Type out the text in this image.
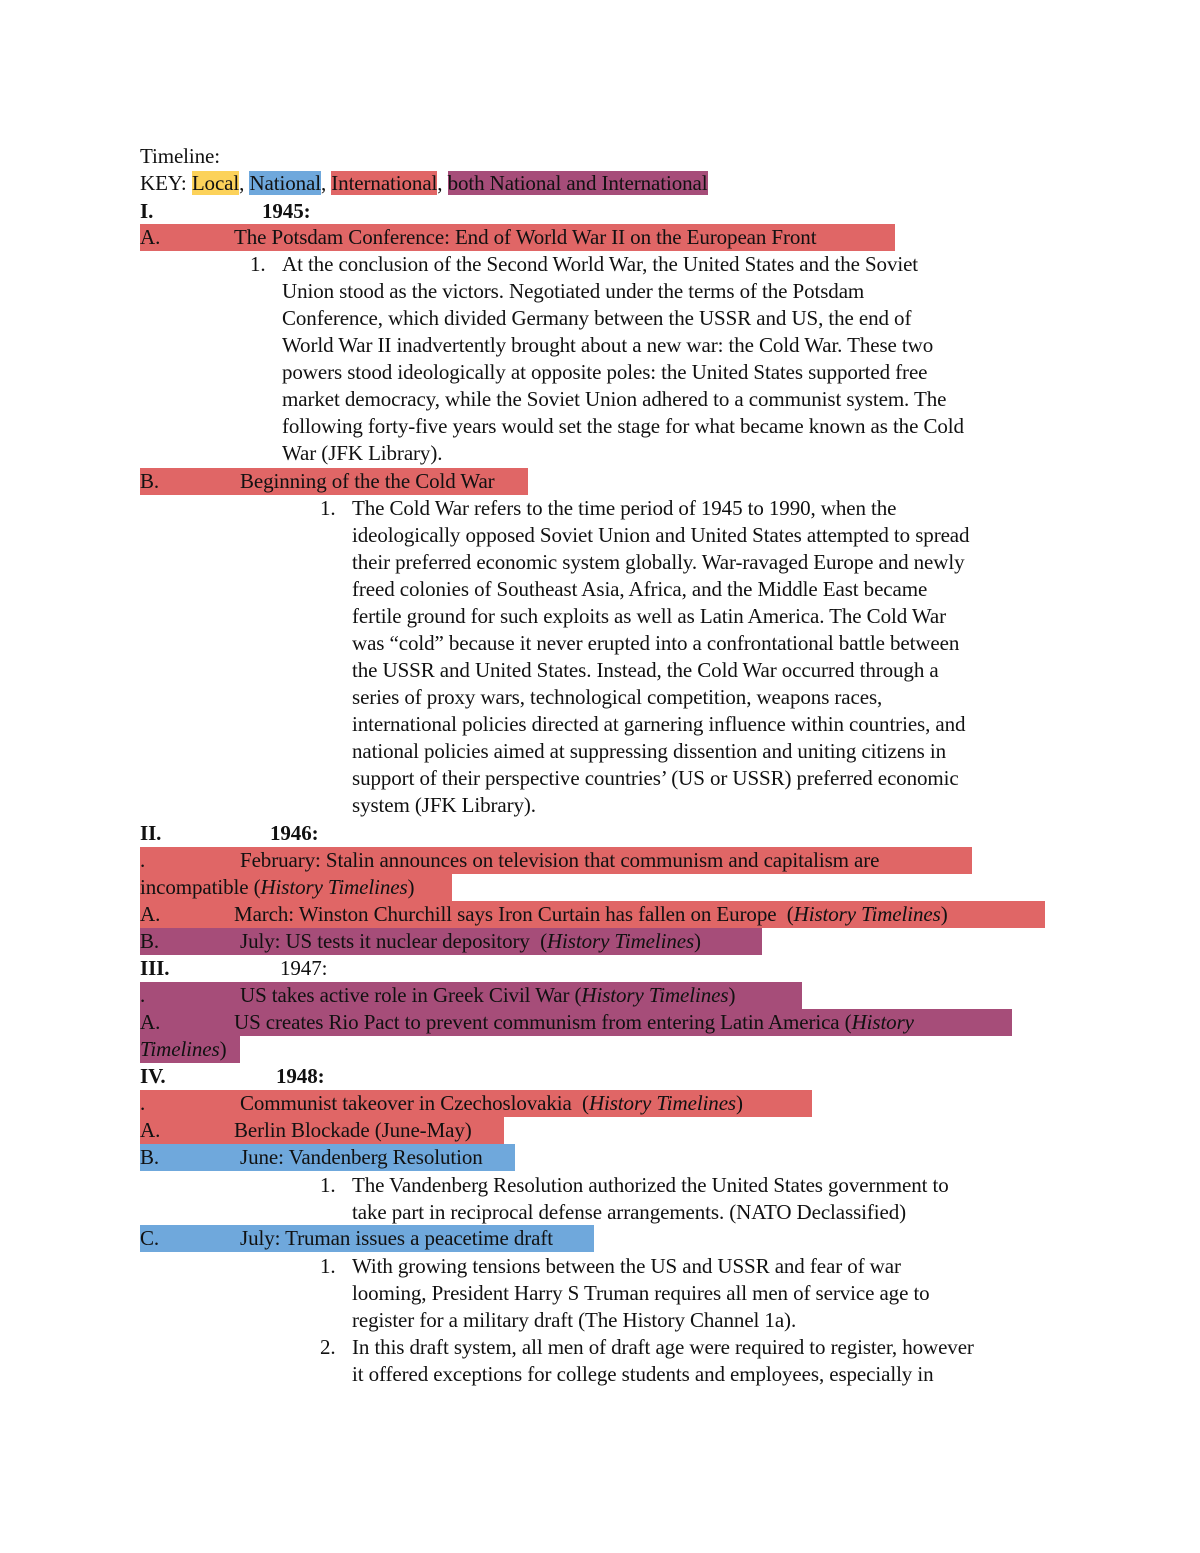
Timeline:
KEY: Local, National, International, both National and International
I.	1945:
A.	The Potsdam Conference: End of World War II on the European Front
1. At the conclusion of the Second World War, the United States and the Soviet
Union stood as the victors. Negotiated under the terms of the Potsdam
Conference, which divided Germany between the USSR and US, the end of
World War II inadvertently brought about a new war: the Cold War. These two
powers stood ideologically at opposite poles: the United States supported free
market democracy, while the Soviet Union adhered to a communist system. The
following forty-five years would set the stage for what became known as the Cold
War (JFK Library).
B.	Beginning of the the Cold War
1. The Cold War refers to the time period of 1945 to 1990, when the
ideologically opposed Soviet Union and United States attempted to spread
their preferred economic system globally. War-ravaged Europe and newly
freed colonies of Southeast Asia, Africa, and the Middle East became
fertile ground for such exploits as well as Latin America. The Cold War
was “cold” because it never erupted into a confrontational battle between
the USSR and United States. Instead, the Cold War occurred through a
series of proxy wars, technological competition, weapons races,
international policies directed at garnering influence within countries, and
national policies aimed at suppressing dissention and uniting citizens in
support of their perspective countries’ (US or USSR) preferred economic
system (JFK Library).
II.	1946:
.	February: Stalin announces on television that communism and capitalism are
incompatible (History Timelines)
A.	March: Winston Churchill says Iron Curtain has fallen on Europe  (History Timelines)
B.	July: US tests it nuclear depository  (History Timelines)
III.	1947:
.	US takes active role in Greek Civil War (History Timelines)
A.	US creates Rio Pact to prevent communism from entering Latin America (History
Timelines)
IV.	1948:
.	Communist takeover in Czechoslovakia  (History Timelines)
A.	Berlin Blockade (June-May)
B.	June: Vandenberg Resolution
1. The Vandenberg Resolution authorized the United States government to
take part in reciprocal defense arrangements. (NATO Declassified)
C.	July: Truman issues a peacetime draft
1. With growing tensions between the US and USSR and fear of war
looming, President Harry S Truman requires all men of service age to
register for a military draft (The History Channel 1a).
2. In this draft system, all men of draft age were required to register, however
it offered exceptions for college students and employees, especially in
